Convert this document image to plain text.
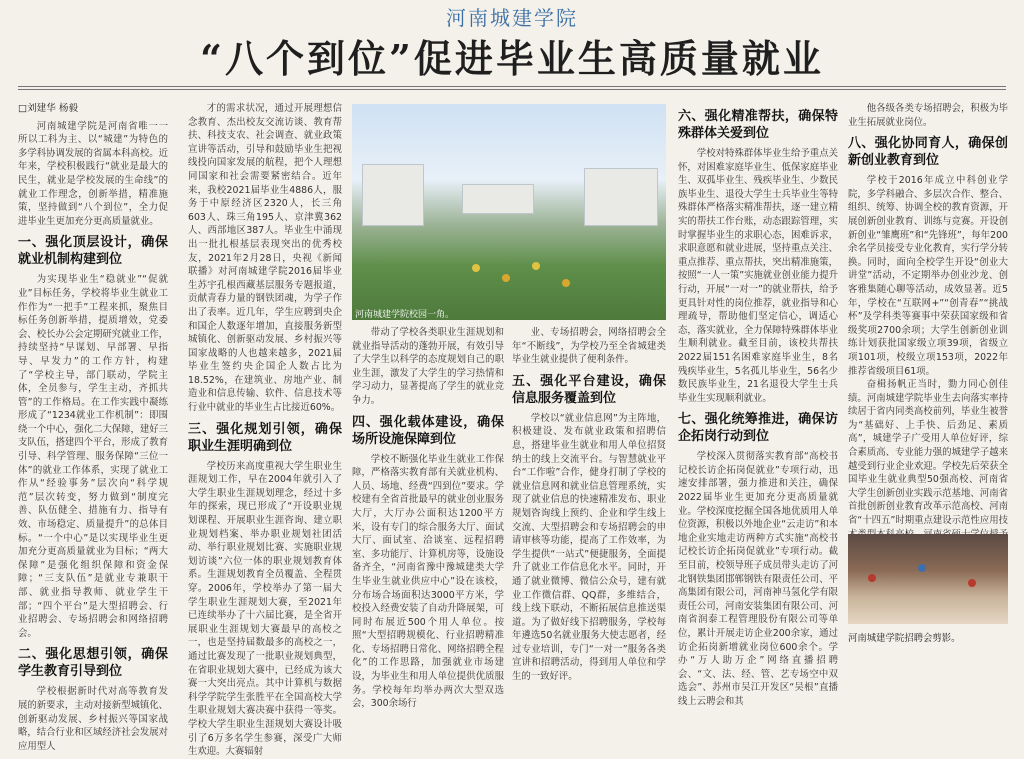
河南城建学院
“八个到位”促进毕业生高质量就业
□刘建华 杨毅

河南城建学院是河南省唯一一所以工科为主、以“城建”为特色的多学科协调发展的省属本科高校。近年来，学校积极践行“就业是最大的民生，就业是学校发展的生命线”的就业工作理念，创新举措，精准施策，坚持做到“八个到位”，全力促进毕业生更加充分更高质量就业。

一、强化顶层设计，确保就业机制构建到位

为实现毕业生“稳就业”“促就业”目标任务，学校将毕业生就业工作作为“一把手”工程来抓，聚焦目标任务创新举措，提质增效，党委会、校长办公会定期研究就业工作，持续坚持“早谋划、早部署、早指导、早发力”的工作方针，构建了“学校主导，部门联动，学院主体，全员参与，学生主动，齐抓共管”的工作格局。在工作实践中凝练形成了“1234就业工作机制”：即围绕一个中心，强化二大保障，建好三支队伍，搭建四个平台，形成了教育引导、科学管理、服务保障“三位一体”的就业工作体系，实现了就业工作从“经验事务”层次向“科学规范”层次转变，努力做到“制度完善、队伍健全、措施有力、指导有效、市场稳定、质量提升”的总体目标。“一个中心”是以实现毕业生更加充分更高质量就业为目标；“两大保障”是强化组织保障和资金保障；“三支队伍”是就业专兼职干部、就业指导教师、就业学生干部；“四个平台”是大型招聘会、行业招聘会、专场招聘会和网络招聘会。

二、强化思想引领，确保学生教育引导到位

学校根据新时代对高等教育发展的新要求，主动对接新型城镇化、创新驱动发展、乡村振兴等国家战略，结合行业和区域经济社会发展对应用型人

才的需求状况，通过开展理想信念教育、杰出校友交流访谈、教育帮扶、科技支农、社会调查、就业政策宣讲等活动，引导和鼓励毕业生把视线投向国家发展的航程，把个人理想同国家和社会需要紧密结合。近年来，我校2021届毕业生4886人，服务于中原经济区2320人，长三角603人、珠三角195人、京津冀362人、西部地区387人。毕业生中涌现出一批扎根基层表现突出的优秀校友，2021年2月28日，央视《新闻联播》对河南城建学院2016届毕业生苏宇孔根西藏基层服务专题报道，贡献青春力量的钢铁团魂，为学子作出了表率。近几年，学生应聘到央企和国企人数逐年增加，直接服务新型城镇化、创新驱动发展、乡村振兴等国家战略的人也越来越多，2021届毕业生签约央企国企人数占比为18.52%，在建筑业、房地产业、制造业和信息传输、软件、信息技术等行业中就业的毕业生占比接近60%。

三、强化规划引领，确保职业生涯明确到位

学校历来高度重视大学生职业生涯规划工作，早在2004年就引入了大学生职业生涯规划理念，经过十多年的探索，现已形成了“开设职业规划课程、开展职业生涯咨询、建立职业规划档案、举办职业规划社团活动、举行职业规划比赛、实施职业规划访谈”六位一体的职业规划教育体系。生涯规划教育全员覆盖、全程贯穿。2006年，学校举办了第一届大学生职业生涯规划大赛，至2021年已连续举办了十六届比赛，是全省开展职业生涯规划大赛最早的高校之一，也是坚持届数最多的高校之一，通过比赛发现了一批职业规划典型，在省职业规划大赛中，已经成为该大赛一大突出亮点。其中计算机与数据科学学院学生张胜平在全国高校大学生职业规划大赛决赛中获得一等奖。学校大学生职业生涯规划大赛设计吸引了6万多名学生参赛，深受广大师生欢迎。大赛辐射

河南城建学院校园一角。

带动了学校各类职业生涯规划和就业指导活动的蓬勃开展，有效引导了大学生以科学的态度规划自己的职业生涯，激发了大学生的学习热情和学习动力，显著提高了学生的就业竞争力。

四、强化载体建设，确保场所设施保障到位

学校不断强化毕业生就业工作保障，严格落实教育部有关就业机构、人员、场地、经费“四到位”要求。学校建有全省首批最早的就业创业服务大厅，大厅办公面积达1200平方米，设有专门的综合服务大厅、面试大厅、面试室、洽谈室、远程招聘室、多功能厅、计算机房等，设施设备齐全，“河南省豫中豫城建类大学生毕业生就业供应中心”设在该校，分布场合场面积达3000平方米，学校投入经费安装了自动升降展架，可同时布展近500个用人单位。按照“大型招聘规模化、行业招聘精准化、专场招聘日常化、网络招聘全程化”的工作思路，加强就业市场建设，为毕业生和用人单位提供优质服务。学校每年均举办两次大型双选会，300余场行

业、专场招聘会，网络招聘会全年“不断线”，为学校乃至全省城建类毕业生就业提供了便利条件。

五、强化平台建设，确保信息服务覆盖到位

学校以“就业信息网”为主阵地，积极建设、发布就业政策和招聘信息，搭建毕业生就业和用人单位招贤纳士的线上交流平台。与智慧就业平台“工作啦”合作，健身打制了学校的就业信息网和就业信息管理系统，实现了就业信息的快速精准发布、职业规划咨询线上预约、企业和学生线上交流、大型招聘会和专场招聘会的申请审核等功能，提高了工作效率，为学生提供“一站式”便捷服务，全面提升了就业工作信息化水平。同时，开通了就业微博、微信公众号，建有就业工作微信群、QQ群，多维结合，线上线下联动，不断拓展信息推送渠道。为了做好线下招聘服务，学校每年遴选50名就业服务大使志愿者，经过专业培训，专门“一对一”服务各类宣讲和招聘活动，得到用人单位和学生的一致好评。

六、强化精准帮扶，确保特殊群体关爱到位

学校对特殊群体毕业生给予重点关怀，对困难家庭毕业生、低保家庭毕业生、双孤毕业生、残疾毕业生、少数民族毕业生、退役大学生士兵毕业生等特殊群体严格落实精准帮扶，逐一建立精实的帮扶工作台账，动态跟踪管理，实时掌握毕业生的求职心态，困难诉求，求职意愿和就业进展，坚持重点关注、重点推荐、重点帮扶，突出精准施策，按照“一人一策”实施就业创业能力提升行动，开展“一对一”的就业帮扶，给予更具针对性的岗位推荐，就业指导和心理疏导，帮助他们坚定信心，调适心态，落实就业，全力保障特殊群体毕业生顺利就业。截至目前，该校共帮扶2022届151名困难家庭毕业生，8名残疾毕业生，5名孤儿毕业生，56名少数民族毕业生，21名退役大学生士兵毕业生实现顺利就业。

七、强化统筹推进，确保访企拓岗行动到位

学校深入贯彻落实教育部“高校书记校长访企拓岗促就业”专项行动，迅速安排部署，强力推进和关注，确保2022届毕业生更加充分更高质量就业。学校深度挖掘全国各地优质用人单位资源，积极以外地企业“云走访”和本地企业实地走访两种方式实施“高校书记校长访企拓岗促就业”专项行动。截至目前，校领导班子成员带头走访了河北钢铁集团邯郸钢铁有限责任公司、平高集团有限公司，河南神马氢化学有限责任公司，河南安装集团有限公司、河南省润泰工程管理股份有限公司等单位，累计开展走访企业200余家，通过访企拓岗新增就业岗位600余个。学办“万人助万企”网络直播招聘会、“文、法、经、管、艺专场空中双选会”、苏州市吴江开发区“吴根”直播线上云聘会和其

他各级各类专场招聘会，积极为毕业生拓展就业岗位。

八、强化协同育人，确保创新创业教育到位

学校于2016年成立中科创业学院，多学科融合、多层次合作、整合、组织、统筹、协调全校的教育资源，开展创新创业教育、训练与竞赛。开设创新创业“雏鹰班”和“先锋班”，每年200余名学员接受专业化教育，实行学分转换。同时，面向全校学生开设“创业大讲堂”活动，不定期举办创业沙龙、创客雅集随心聊等活动，成效显著。近5年，学校在“互联网+”“创青春”“挑战杯”及学科类等赛事中荣获国家级和省级奖项2700余项；大学生创新创业训练计划获批国家级立项39项，省级立项101项，校级立项153项，2022年推荐省级项目61项。

奋楫扬帆正当时，勠力同心创佳绩。河南城建学院毕业生去向落实率持续居于省内同类高校前列，毕业生被誉为“基础好、上手快、后劲足、素质高”，城建学子广受用人单位好评，综合素质高、专业能力强的城建学子越来越受到行业企业欢迎。学校先后荣获全国毕业生就业典型50强高校、河南省大学生创新创业实践示范基地、河南省首批创新创业教育改革示范高校、河南省“十四五”时期重点建设示范性应用技

河南城建学院招聘会剪影。
